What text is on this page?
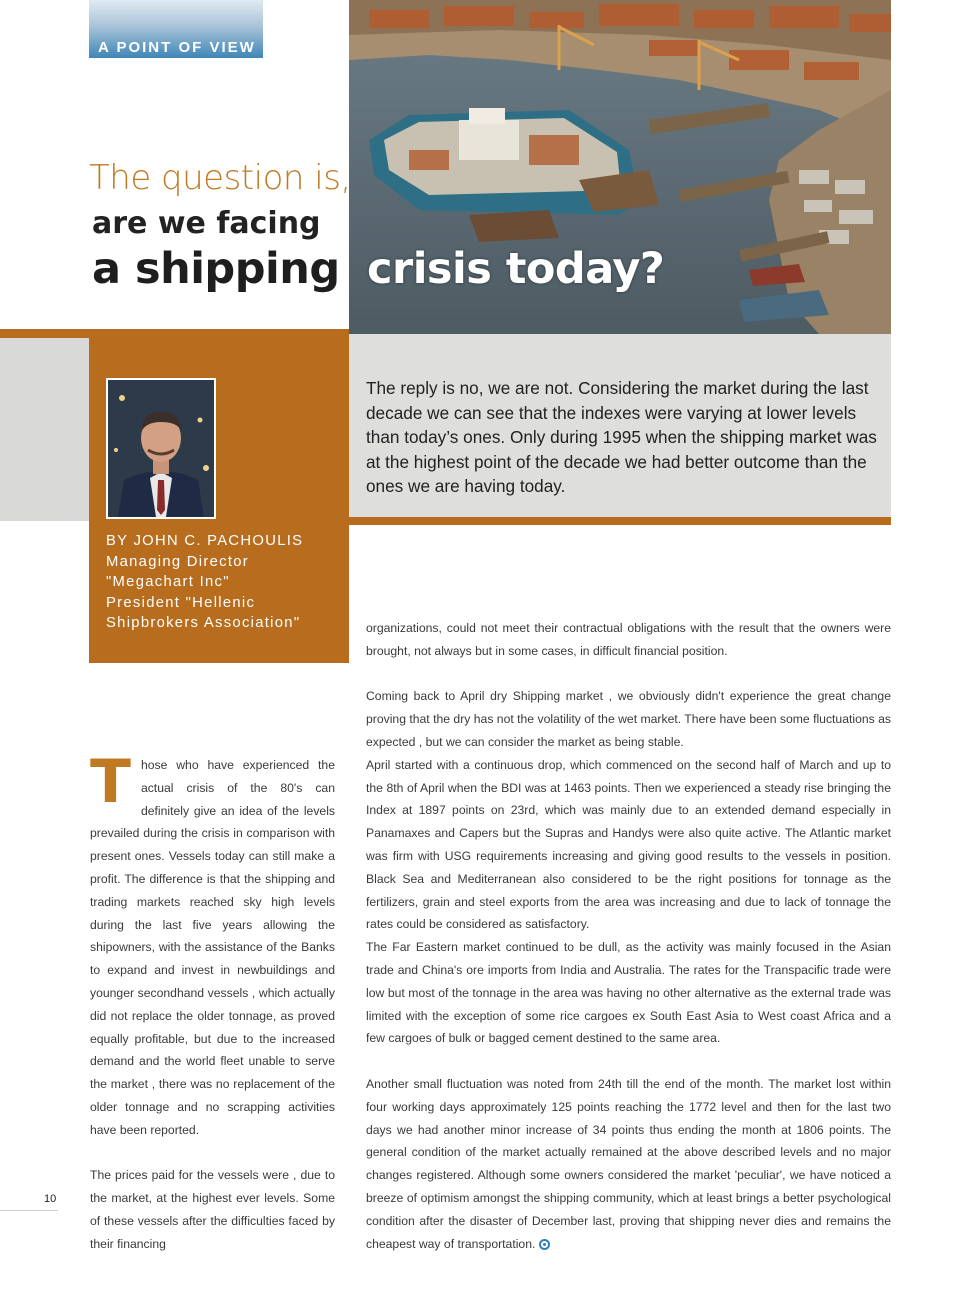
A POINT OF VIEW
The question is,
are we facing
a shipping crisis today?
The reply is no, we are not. Considering the market during the last decade we can see that the indexes were varying at lower levels than today’s ones. Only during 1995 when the shipping market was at the highest point of the decade we had better outcome than the ones we are having today.
BY JOHN C. PACHOULIS
Managing Director
"Megachart Inc"
President "Hellenic
Shipbrokers Association"

Those who have experienced the actual crisis of the 80's can definitely give an idea of the levels prevailed during the crisis in comparison with present ones. Vessels today can still make a profit. The difference is that the shipping and trading markets reached sky high levels during the last five years allowing the shipowners, with the assistance of the Banks to expand and invest in newbuildings and younger secondhand vessels , which actually did not replace the older tonnage, as proved equally profitable, but due to the increased demand and the world fleet unable to serve the market , there was no replacement of the older tonnage and no scrapping activities have been reported.

The prices paid for the vessels were , due to the market, at the highest ever levels. Some of these vessels after the difficulties faced by their financing

organizations, could not meet their contractual obligations with the result that the owners were brought, not always but in some cases, in difficult financial position.

Coming back to April dry Shipping market , we obviously didn't experience the great change proving that the dry has not the volatility of the wet market. There have been some fluctuations as expected , but we can consider the market as being stable.

April started with a continuous drop, which commenced on the second half of March and up to the 8th of April when the BDI was at 1463 points. Then we experienced a steady rise bringing the Index at 1897 points on 23rd, which was mainly due to an extended demand especially in Panamaxes and Capers but the Supras and Handys were also quite active. The Atlantic market was firm with USG requirements increasing and giving good results to the vessels in position. Black Sea and Mediterranean also considered to be the right positions for tonnage as the fertilizers, grain and steel exports from the area was increasing and due to lack of tonnage the rates could be considered as satisfactory.

The Far Eastern market continued to be dull, as the activity was mainly focused in the Asian trade and China's ore imports from India and Australia. The rates for the Transpacific trade were low but most of the tonnage in the area was having no other alternative as the external trade was limited with the exception of some rice cargoes ex South East Asia to West coast Africa and a few cargoes of bulk or bagged cement destined to the same area.

Another small fluctuation was noted from 24th till the end of the month. The market lost within four working days approximately 125 points reaching the 1772 level and then for the last two days we had another minor increase of 34 points thus ending the month at 1806 points. The general condition of the market actually remained at the above described levels and no major changes registered. Although some owners considered the market 'peculiar', we have noticed a breeze of optimism amongst the shipping community, which at least brings a better psychological condition after the disaster of December last, proving that shipping never dies and remains the cheapest way of transportation.

10
